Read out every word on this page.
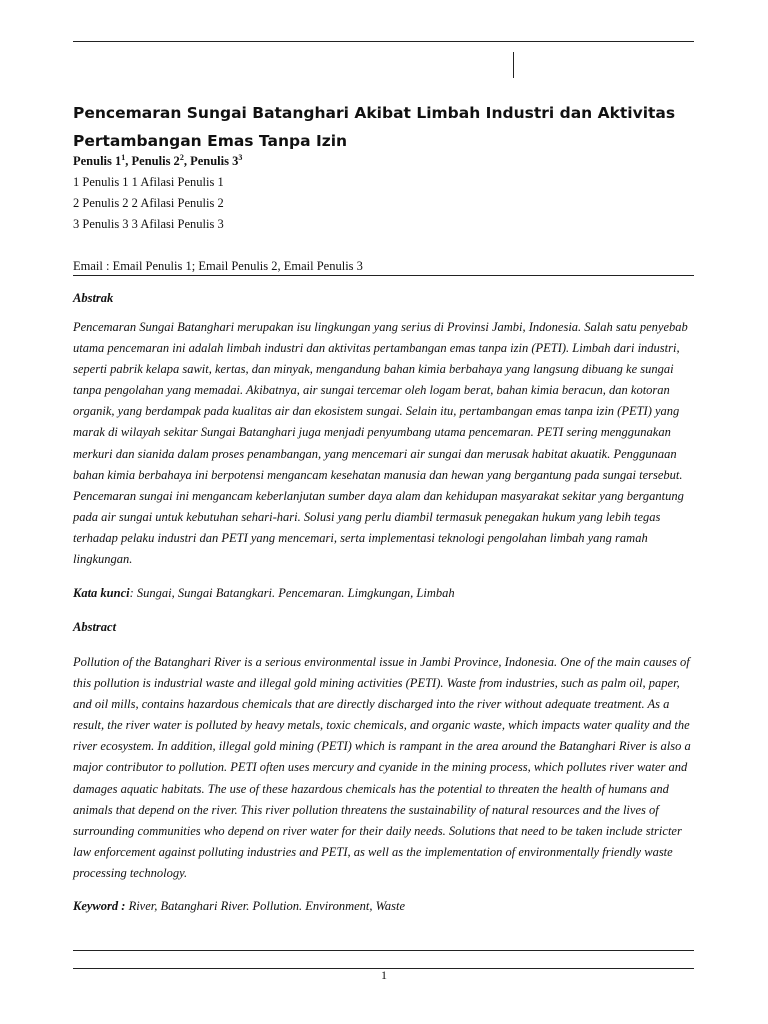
Pencemaran Sungai Batanghari Akibat Limbah Industri dan Aktivitas Pertambangan Emas Tanpa Izin
Penulis $1^1$, Penulis $2^2$, Penulis $3^3$
1 Penulis 1 1 Afilasi Penulis 1
2 Penulis 2 2 Afilasi Penulis 2
3 Penulis 3 3 Afilasi Penulis 3
Email : Email Penulis 1; Email Penulis 2, Email Penulis 3
Abstrak
Pencemaran Sungai Batanghari merupakan isu lingkungan yang serius di Provinsi Jambi, Indonesia. Salah satu penyebab utama pencemaran ini adalah limbah industri dan aktivitas pertambangan emas tanpa izin (PETI). Limbah dari industri, seperti pabrik kelapa sawit, kertas, dan minyak, mengandung bahan kimia berbahaya yang langsung dibuang ke sungai tanpa pengolahan yang memadai. Akibatnya, air sungai tercemar oleh logam berat, bahan kimia beracun, dan kotoran organik, yang berdampak pada kualitas air dan ekosistem sungai. Selain itu, pertambangan emas tanpa izin (PETI) yang marak di wilayah sekitar Sungai Batanghari juga menjadi penyumbang utama pencemaran. PETI sering menggunakan merkuri dan sianida dalam proses penambangan, yang mencemari air sungai dan merusak habitat akuatik. Penggunaan bahan kimia berbahaya ini berpotensi mengancam kesehatan manusia dan hewan yang bergantung pada sungai tersebut. Pencemaran sungai ini mengancam keberlanjutan sumber daya alam dan kehidupan masyarakat sekitar yang bergantung pada air sungai untuk kebutuhan sehari-hari. Solusi yang perlu diambil termasuk penegakan hukum yang lebih tegas terhadap pelaku industri dan PETI yang mencemari, serta implementasi teknologi pengolahan limbah yang ramah lingkungan.
Kata kunci: Sungai, Sungai Batangkari. Pencemaran. Limgkungan, Limbah
Abstract
Pollution of the Batanghari River is a serious environmental issue in Jambi Province, Indonesia. One of the main causes of this pollution is industrial waste and illegal gold mining activities (PETI). Waste from industries, such as palm oil, paper, and oil mills, contains hazardous chemicals that are directly discharged into the river without adequate treatment. As a result, the river water is polluted by heavy metals, toxic chemicals, and organic waste, which impacts water quality and the river ecosystem. In addition, illegal gold mining (PETI) which is rampant in the area around the Batanghari River is also a major contributor to pollution. PETI often uses mercury and cyanide in the mining process, which pollutes river water and damages aquatic habitats. The use of these hazardous chemicals has the potential to threaten the health of humans and animals that depend on the river. This river pollution threatens the sustainability of natural resources and the lives of surrounding communities who depend on river water for their daily needs. Solutions that need to be taken include stricter law enforcement against polluting industries and PETI, as well as the implementation of environmentally friendly waste processing technology.
Keyword : River, Batanghari River. Pollution. Environment, Waste
1
